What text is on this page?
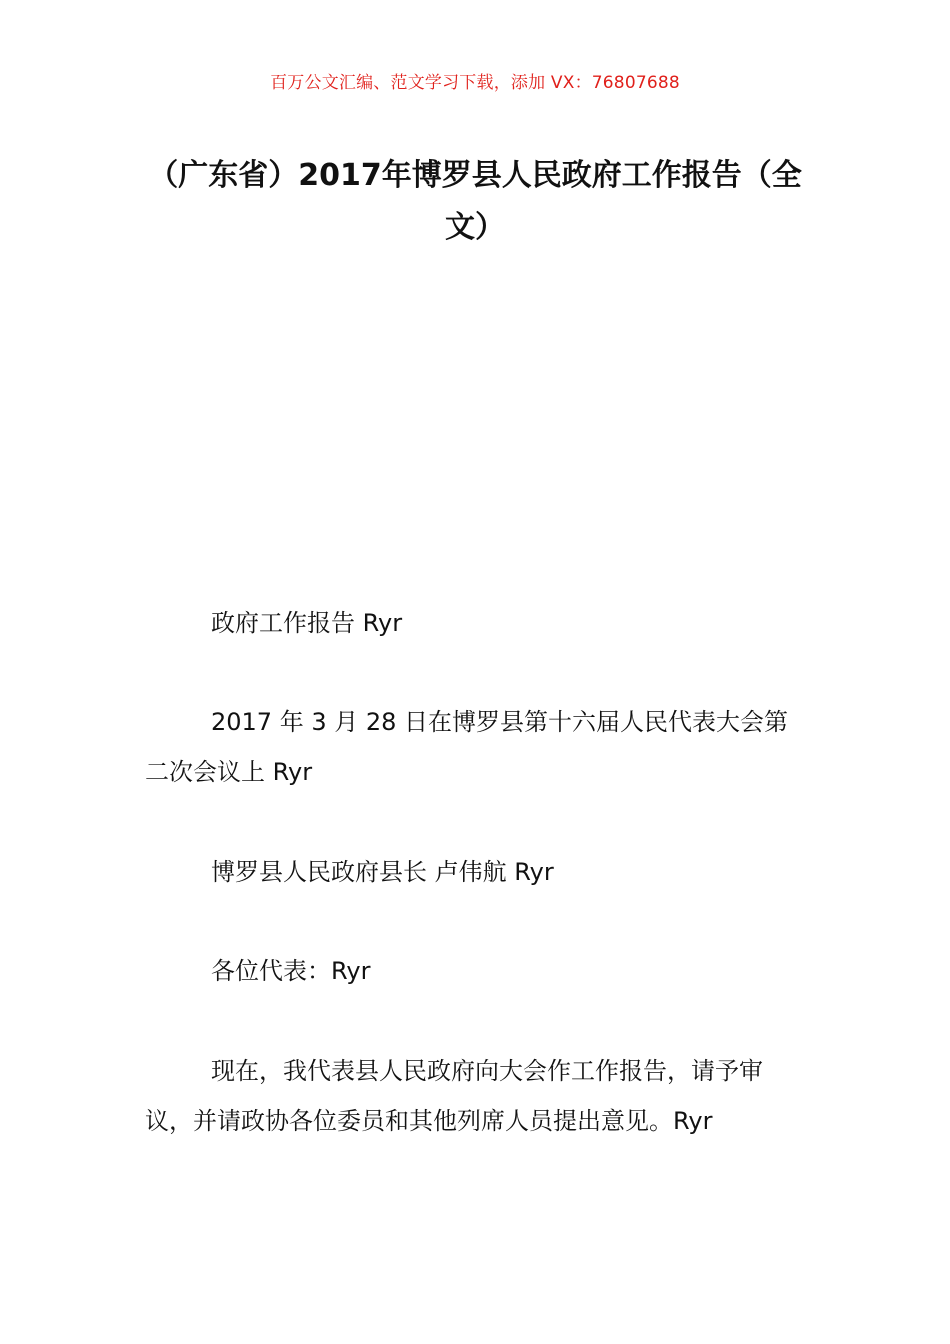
百万公文汇编、范文学习下载，添加 VX：76807688
（广东省）2017年博罗县人民政府工作报告（全文）

政府工作报告 Ryr

2017 年 3 月 28 日在博罗县第十六届人民代表大会第二次会议上 Ryr

博罗县人民政府县长 卢伟航 Ryr

各位代表：Ryr

现在，我代表县人民政府向大会作工作报告，请予审议，并请政协各位委员和其他列席人员提出意见。Ryr
